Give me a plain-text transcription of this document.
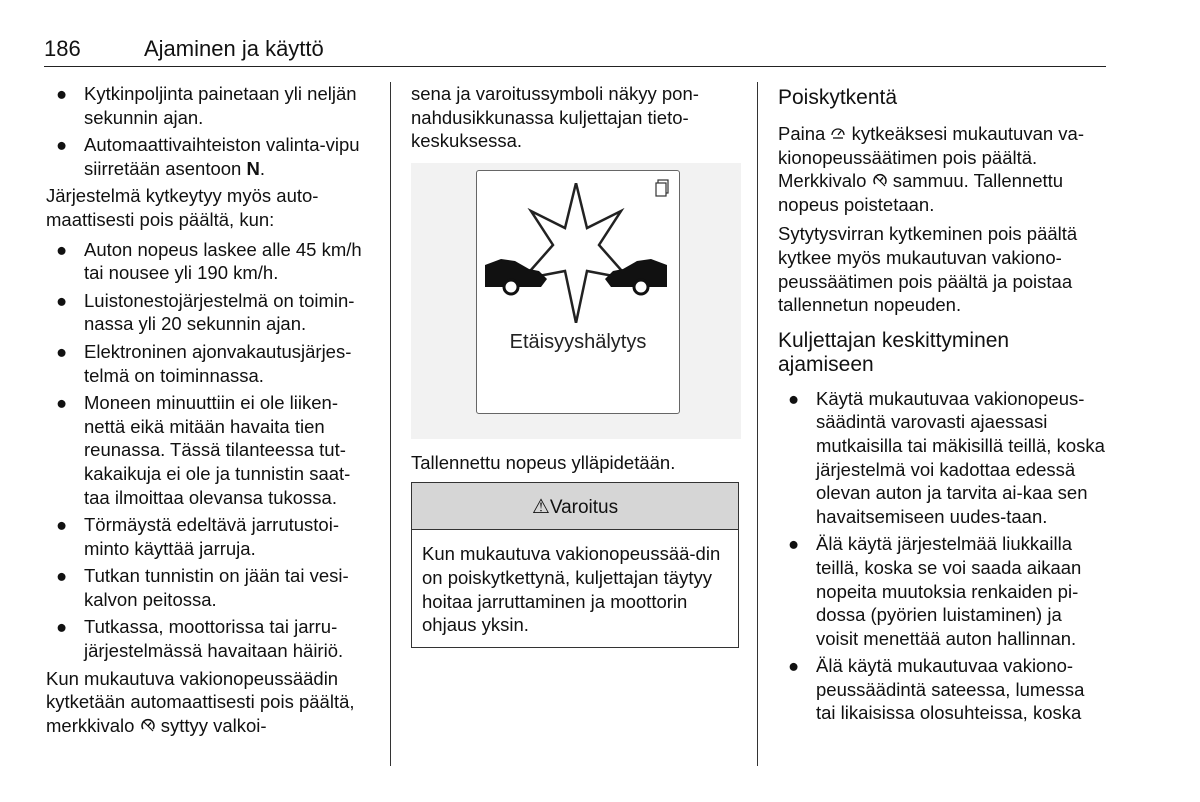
186	Ajaminen ja käyttö
● Kytkinpoljinta painetaan yli neljän sekunnin ajan.
● Automaattivaihteiston valinta-vipu siirretään asentoon N.

Järjestelmä kytkeytyy myös auto-maattisesti pois päältä, kun:

● Auton nopeus laskee alle 45 km/h tai nousee yli 190 km/h.
● Luistonestojärjestelmä on toimin-nassa yli 20 sekunnin ajan.
● Elektroninen ajonvakautusjärjes-telmä on toiminnassa.
● Moneen minuuttiin ei ole liiken-nettä eikä mitään havaita tien reunassa. Tässä tilanteessa tut-kakaikuja ei ole ja tunnistin saat-taa ilmoittaa olevansa tukossa.
● Törmäystä edeltävä jarrutustoi-minto käyttää jarruja.
● Tutkan tunnistin on jään tai vesi-kalvon peitossa.
● Tutkassa, moottorissa tai jarru-järjestelmässä havaitaan häiriö.

Kun mukautuva vakionopeussäädin kytketään automaattisesti pois päältä, merkkivalo syttyy valkoi-

sena ja varoitussymboli näkyy pon-nahdusikkunassa kuljettajan tieto-keskuksessa.

Etäisyyshälytys

Tallennettu nopeus ylläpidetään.

⚠Varoitus
Kun mukautuva vakionopeussää-din on poiskytkettynä, kuljettajan täytyy hoitaa jarruttaminen ja moottorin ohjaus yksin.
Poiskytkentä

Paina kytkeäksesi mukautuvan va-kionopeussäätimen pois päältä. Merkkivalo sammuu. Tallennettu nopeus poistetaan.

Sytytysvirran kytkeminen pois päältä kytkee myös mukautuvan vakiono-peussäätimen pois päältä ja poistaa tallennetun nopeuden.

Kuljettajan keskittyminen ajamiseen
● Käytä mukautuvaa vakionopeus-säädintä varovasti ajaessasi mutkaisilla tai mäkisillä teillä, koska järjestelmä voi kadottaa edessä olevan auton ja tarvita ai-kaa sen havaitsemiseen uudes-taan.
● Älä käytä järjestelmää liukkailla teillä, koska se voi saada aikaan nopeita muutoksia renkaiden pi-dossa (pyörien luistaminen) ja voisit menettää auton hallinnan.
● Älä käytä mukautuvaa vakiono-peussäädintä sateessa, lumessa tai likaisissa olosuhteissa, koska
